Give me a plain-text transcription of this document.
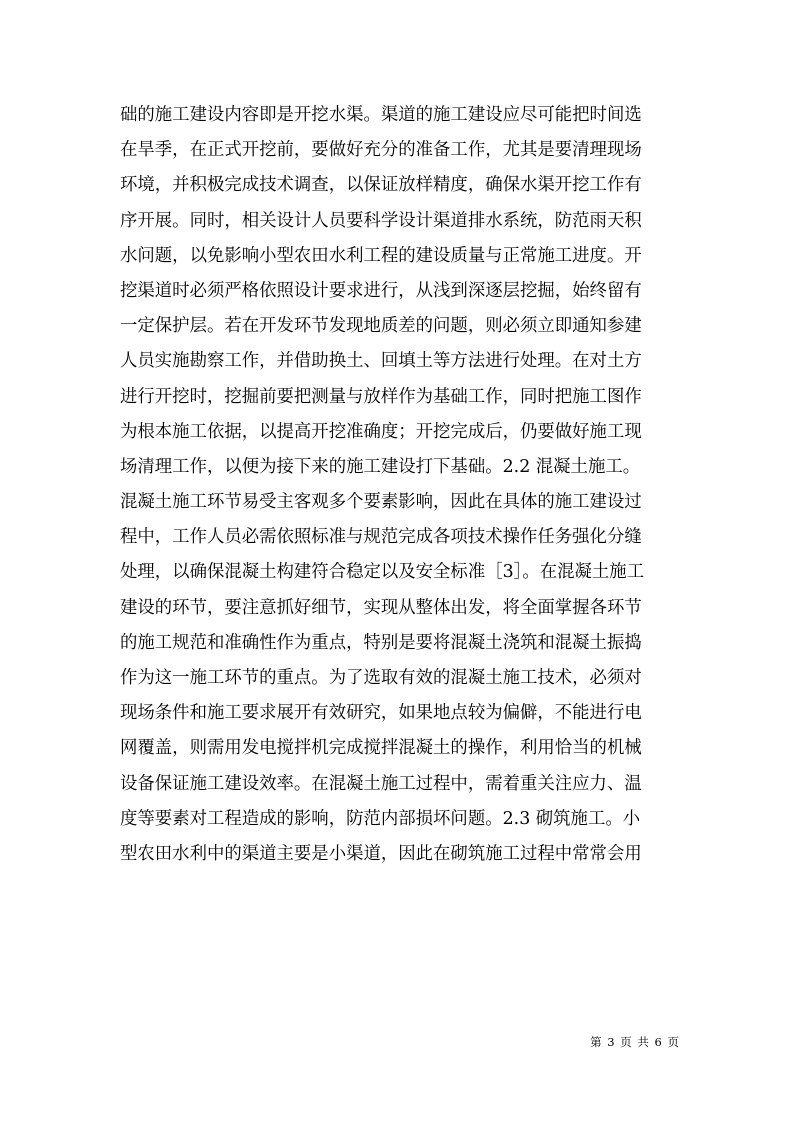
础的施工建设内容即是开挖水渠。渠道的施工建设应尽可能把时间选
在旱季，在正式开挖前，要做好充分的准备工作，尤其是要清理现场
环境，并积极完成技术调查，以保证放样精度，确保水渠开挖工作有
序开展。同时，相关设计人员要科学设计渠道排水系统，防范雨天积
水问题，以免影响小型农田水利工程的建设质量与正常施工进度。开
挖渠道时必须严格依照设计要求进行，从浅到深逐层挖掘，始终留有
一定保护层。若在开发环节发现地质差的问题，则必须立即通知参建
人员实施勘察工作，并借助换土、回填土等方法进行处理。在对土方
进行开挖时，挖掘前要把测量与放样作为基础工作，同时把施工图作
为根本施工依据，以提高开挖准确度；开挖完成后，仍要做好施工现
场清理工作，以便为接下来的施工建设打下基础。2.2 混凝土施工。
混凝土施工环节易受主客观多个要素影响，因此在具体的施工建设过
程中，工作人员必需依照标准与规范完成各项技术操作任务强化分缝
处理，以确保混凝土构建符合稳定以及安全标准［3］。在混凝土施工
建设的环节，要注意抓好细节，实现从整体出发，将全面掌握各环节
的施工规范和准确性作为重点，特别是要将混凝土浇筑和混凝土振捣
作为这一施工环节的重点。为了选取有效的混凝土施工技术，必须对
现场条件和施工要求展开有效研究，如果地点较为偏僻，不能进行电
网覆盖，则需用发电搅拌机完成搅拌混凝土的操作，利用恰当的机械
设备保证施工建设效率。在混凝土施工过程中，需着重关注应力、温
度等要素对工程造成的影响，防范内部损坏问题。2.3 砌筑施工。小
型农田水利中的渠道主要是小渠道，因此在砌筑施工过程中常常会用
第 3 页 共 6 页
